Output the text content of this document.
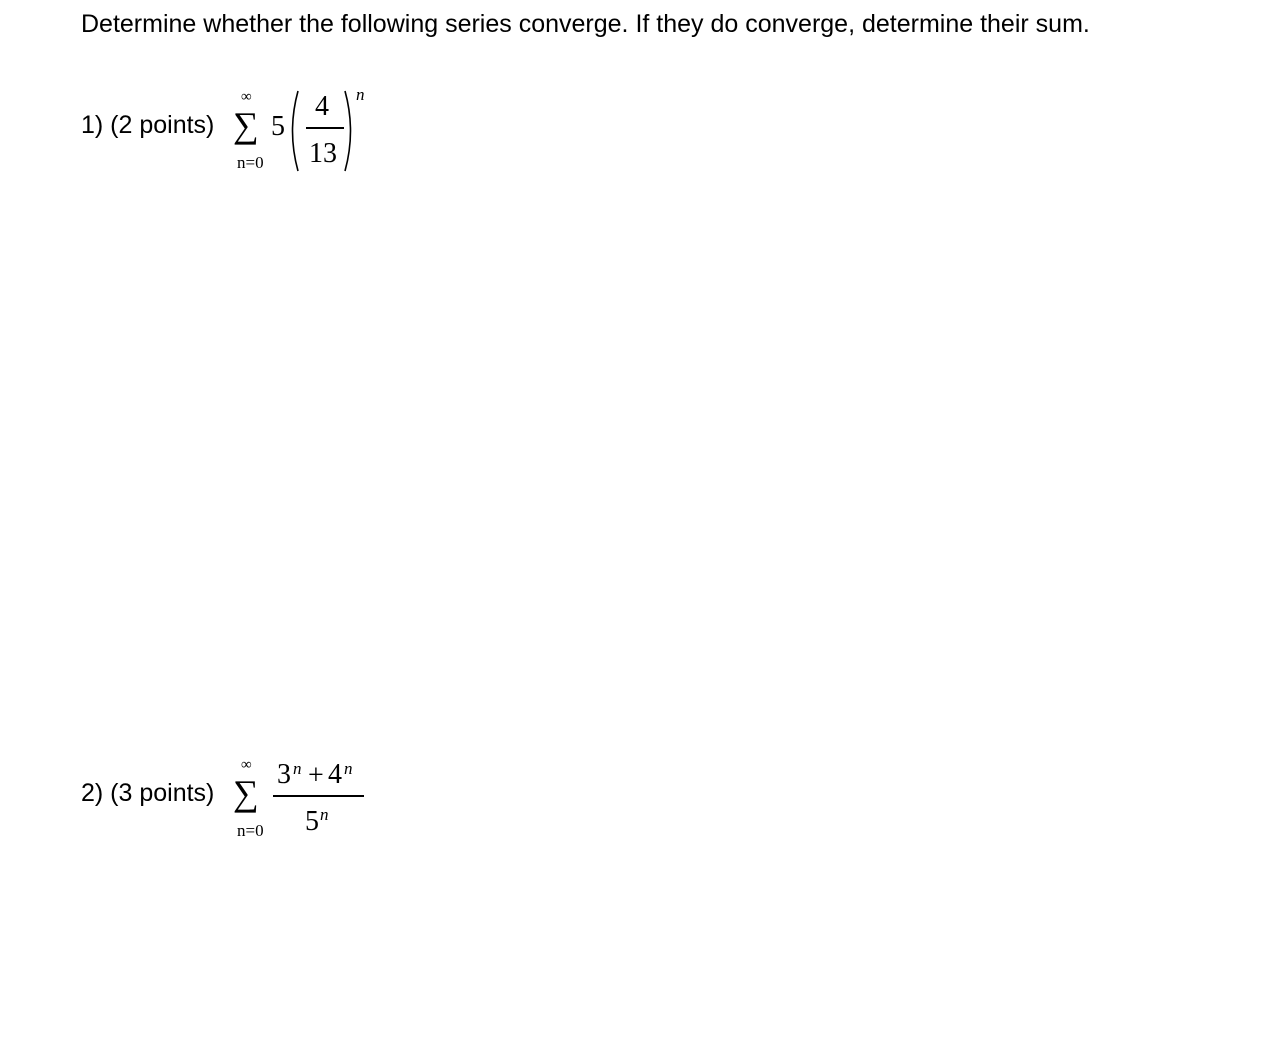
Determine whether the following series converge. If they do converge, determine their sum.
1) (2 points)
∞
∑
n=0
5
4
13
n
2) (3 points)
∞
∑
n=0
3 n + 4 n
5 n
